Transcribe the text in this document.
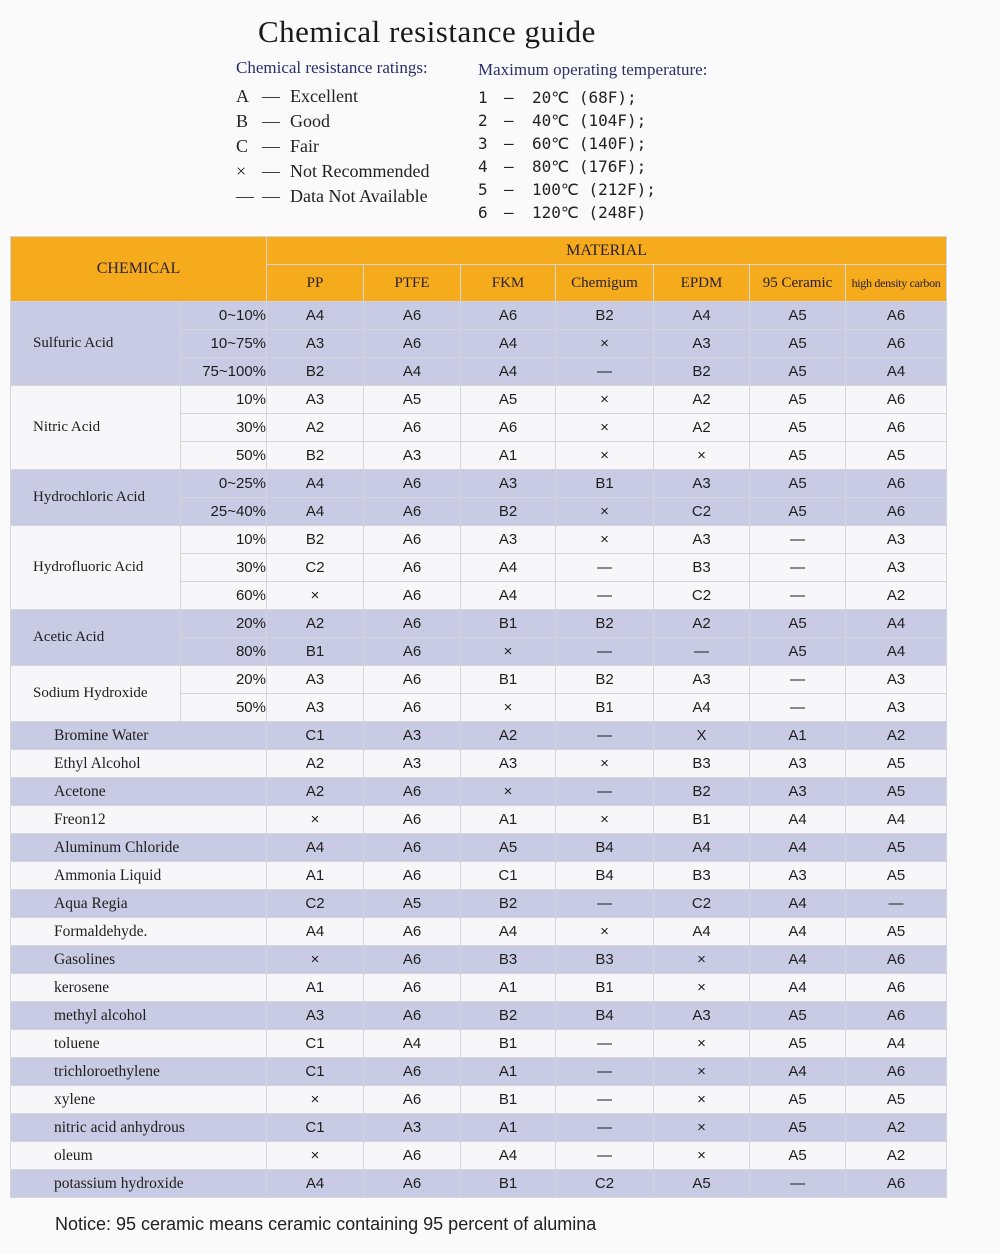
Chemical resistance guide
Chemical resistance ratings:
A — Excellent
B — Good
C — Fair
× — Not Recommended
— — Data Not Available
Maximum operating temperature:
1 — 20℃ (68F);
2 — 40℃ (104F);
3 — 60℃ (140F);
4 — 80℃ (176F);
5 — 100℃ (212F);
6 — 120℃ (248F)
CHEMICAL		MATERIAL						
		PP	PTFE	FKM	Chemigum	EPDM	95 Ceramic	high density carbon
Sulfuric Acid	0~10%	A4	A6	A6	B2	A4	A5	A6
	10~75%	A3	A6	A4	×	A3	A5	A6
	75~100%	B2	A4	A4	—	B2	A5	A4
Nitric Acid	10%	A3	A5	A5	×	A2	A5	A6
	30%	A2	A6	A6	×	A2	A5	A6
	50%	B2	A3	A1	×	×	A5	A5
Hydrochloric Acid	0~25%	A4	A6	A3	B1	A3	A5	A6
	25~40%	A4	A6	B2	×	C2	A5	A6
Hydrofluoric Acid	10%	B2	A6	A3	×	A3	—	A3
	30%	C2	A6	A4	—	B3	—	A3
	60%	×	A6	A4	—	C2	—	A2
Acetic Acid	20%	A2	A6	B1	B2	A2	A5	A4
	80%	B1	A6	×	—	—	A5	A4
Sodium Hydroxide	20%	A3	A6	B1	B2	A3	—	A3
	50%	A3	A6	×	B1	A4	—	A3
Bromine Water		C1	A3	A2	—	X	A1	A2
Ethyl Alcohol		A2	A3	A3	×	B3	A3	A5
Acetone		A2	A6	×	—	B2	A3	A5
Freon12		×	A6	A1	×	B1	A4	A4
Aluminum Chloride		A4	A6	A5	B4	A4	A4	A5
Ammonia Liquid		A1	A6	C1	B4	B3	A3	A5
Aqua Regia		C2	A5	B2	—	C2	A4	—
Formaldehyde.		A4	A6	A4	×	A4	A4	A5
Gasolines		×	A6	B3	B3	×	A4	A6
kerosene		A1	A6	A1	B1	×	A4	A6
methyl alcohol		A3	A6	B2	B4	A3	A5	A6
toluene		C1	A4	B1	—	×	A5	A4
trichloroethylene		C1	A6	A1	—	×	A4	A6
xylene		×	A6	B1	—	×	A5	A5
nitric acid anhydrous		C1	A3	A1	—	×	A5	A2
oleum		×	A6	A4	—	×	A5	A2
potassium hydroxide		A4	A6	B1	C2	A5	—	A6
Notice: 95 ceramic means ceramic containing 95 percent of alumina
